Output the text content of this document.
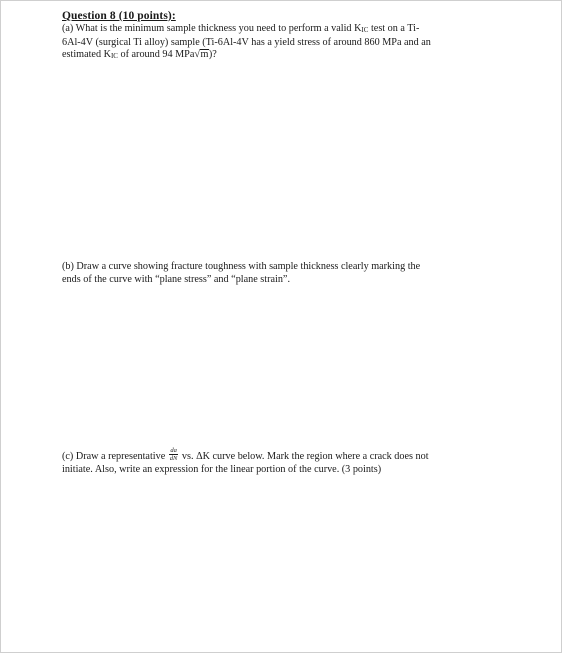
Question 8 (10 points):
(a) What is the minimum sample thickness you need to perform a valid KIC test on a Ti-
6Al-4V (surgical Ti alloy) sample (Ti-6Al-4V has a yield stress of around 860 MPa and an
estimated KIC of around 94 MPa√m)?
(b) Draw a curve showing fracture toughness with sample thickness clearly marking the
ends of the curve with “plane stress” and “plane strain”.
(c) Draw a representative $\frac{da}{dN}$ vs. ΔK curve below. Mark the region where a crack does not
initiate. Also, write an expression for the linear portion of the curve. (3 points)
